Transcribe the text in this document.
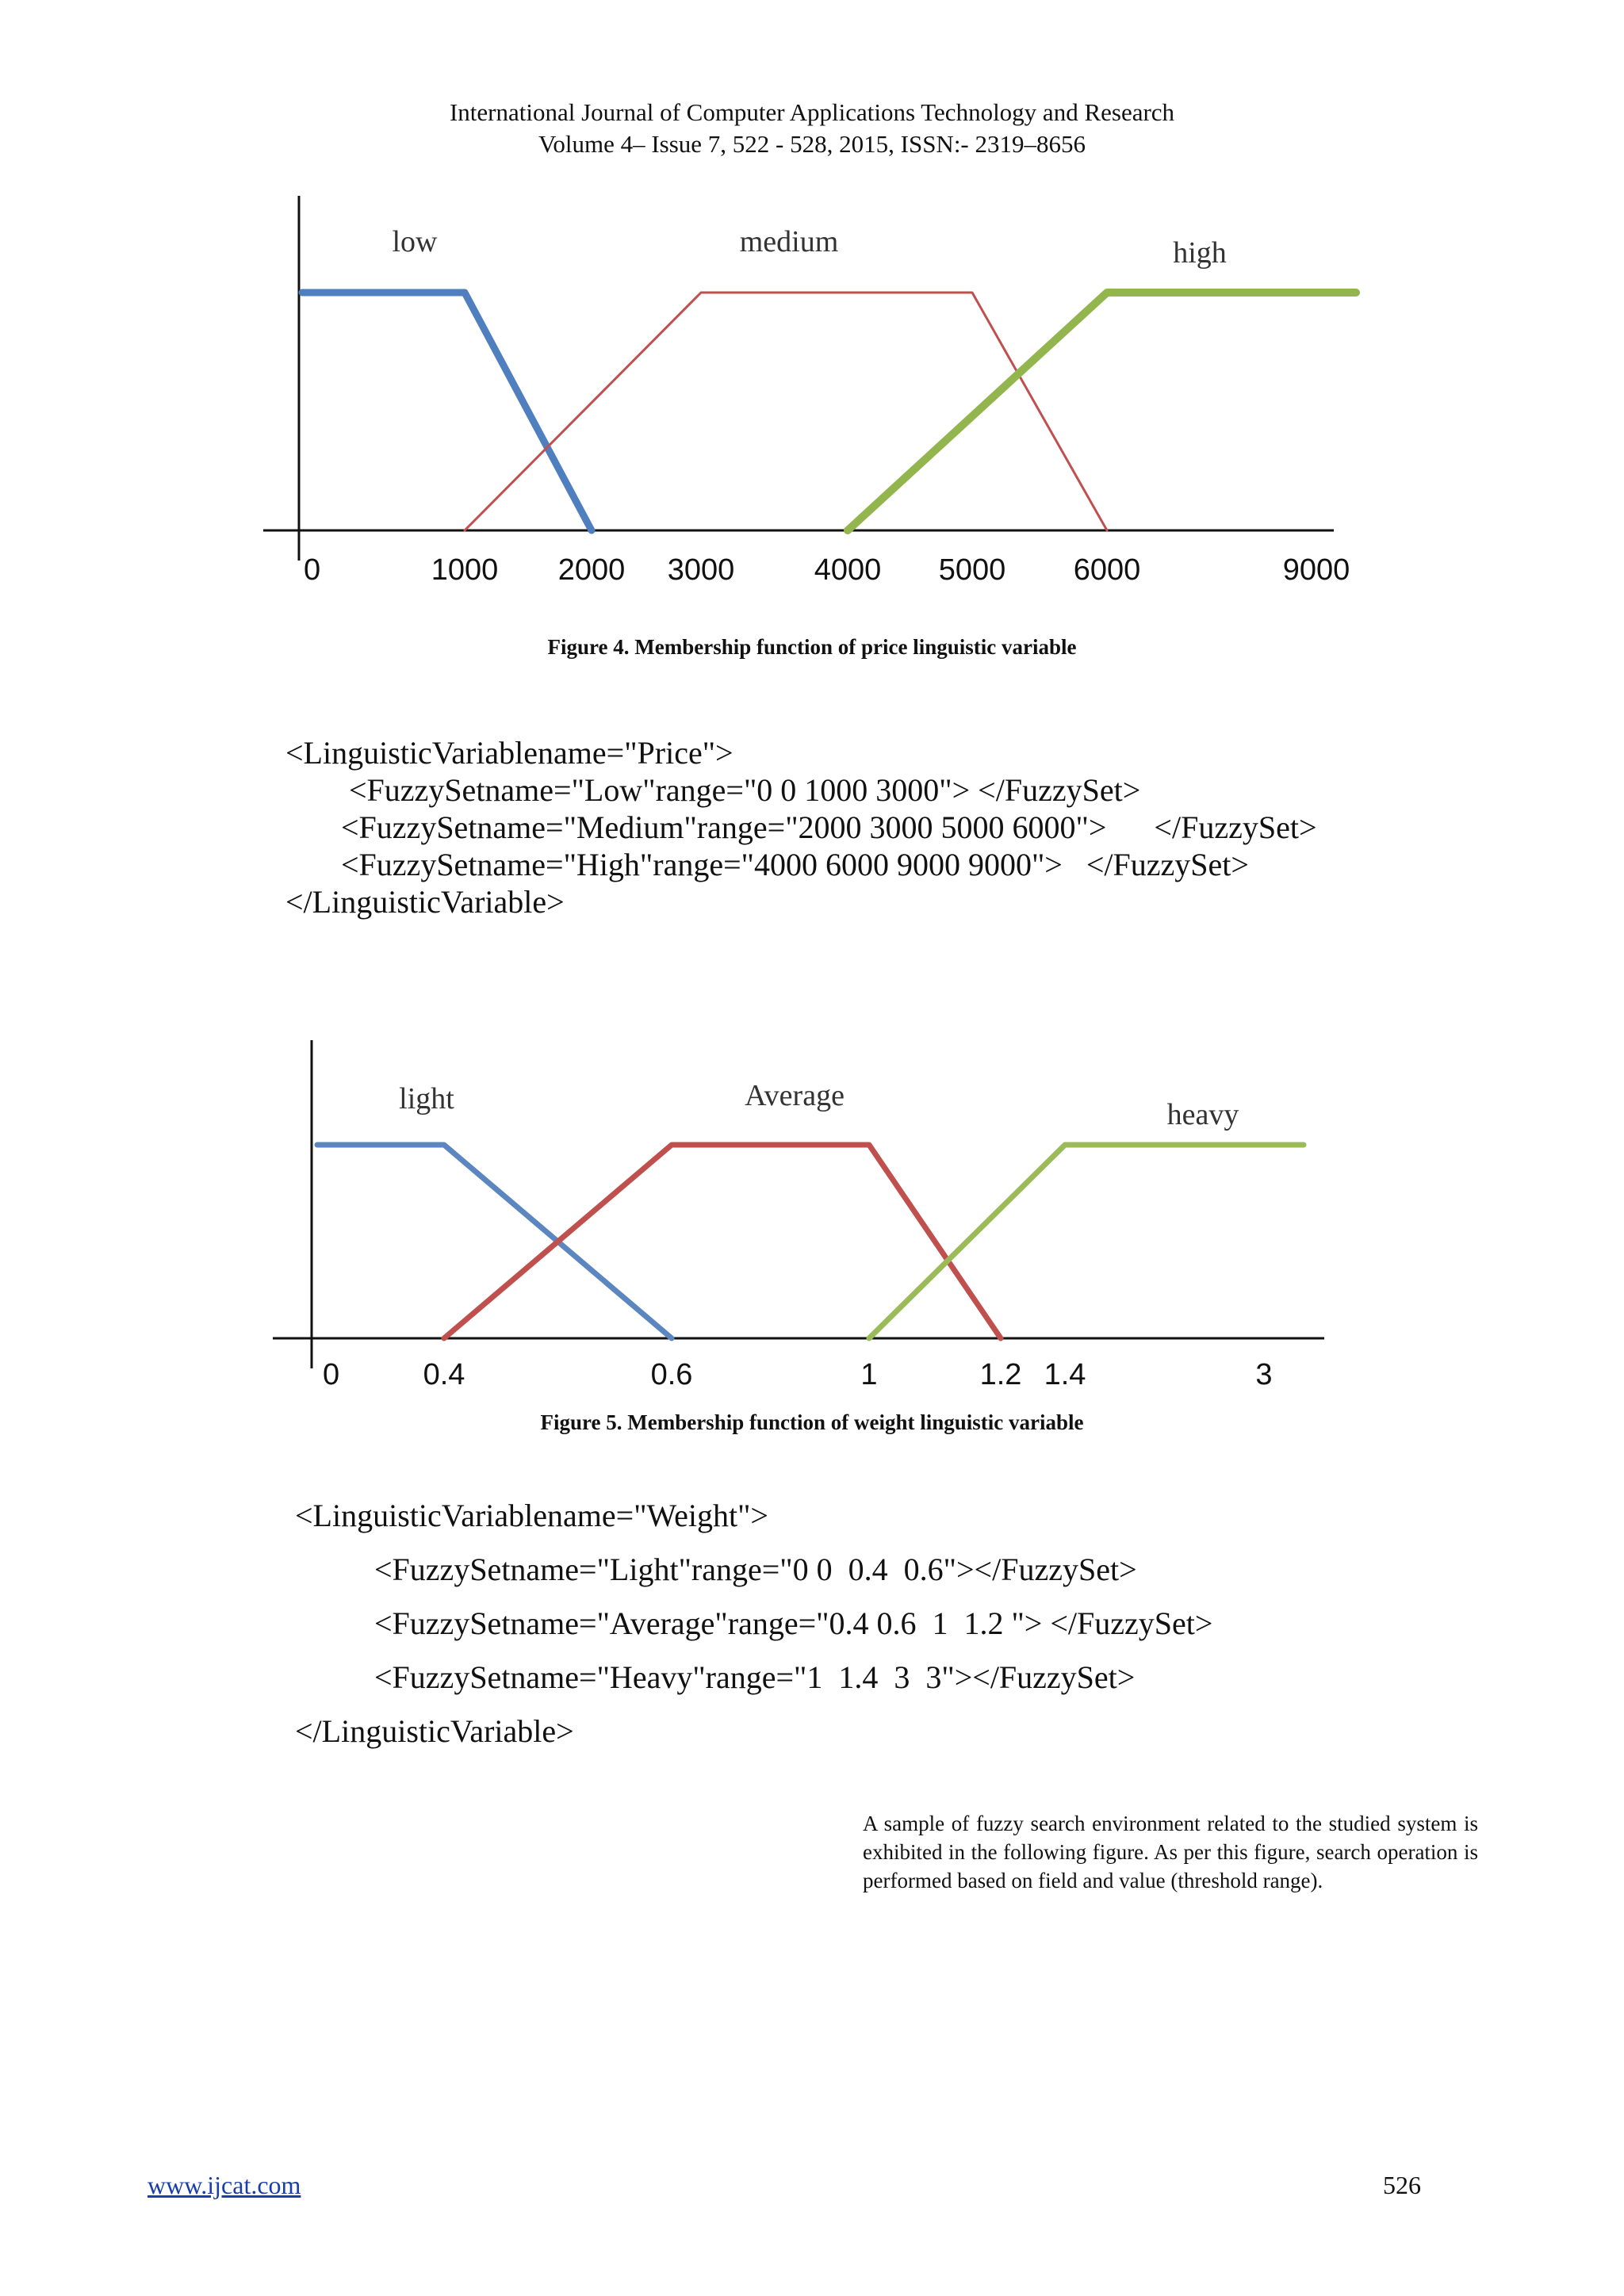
International Journal of Computer Applications Technology and Research
Volume 4– Issue 7, 522 - 528, 2015, ISSN:- 2319–8656
low	medium	high
0	1000 2000 3000	4000 5000 6000	9000
Figure 4. Membership function of price linguistic variable
<LinguisticVariablename="Price">
<FuzzySetname="Low"range="0 0 1000 3000"> </FuzzySet>
<FuzzySetname="Medium"range="2000 3000 5000 6000">      </FuzzySet>
<FuzzySetname="High"range="4000 6000 9000 9000">   </FuzzySet>
</LinguisticVariable>
light	Average
heavy
0	0.4	0.6	1	1.2 1.4	3
Figure 5. Membership function of weight linguistic variable
<LinguisticVariablename="Weight">
<FuzzySetname="Light"range="0 0  0.4  0.6"></FuzzySet>
<FuzzySetname="Average"range="0.4 0.6  1  1.2 "> </FuzzySet>
<FuzzySetname="Heavy"range="1  1.4  3  3"></FuzzySet>
</LinguisticVariable>
A sample of fuzzy search environment related to the studied system is exhibited in the following figure. As per this figure, search operation is performed based on field and value (threshold range).
www.ijcat.com	526
